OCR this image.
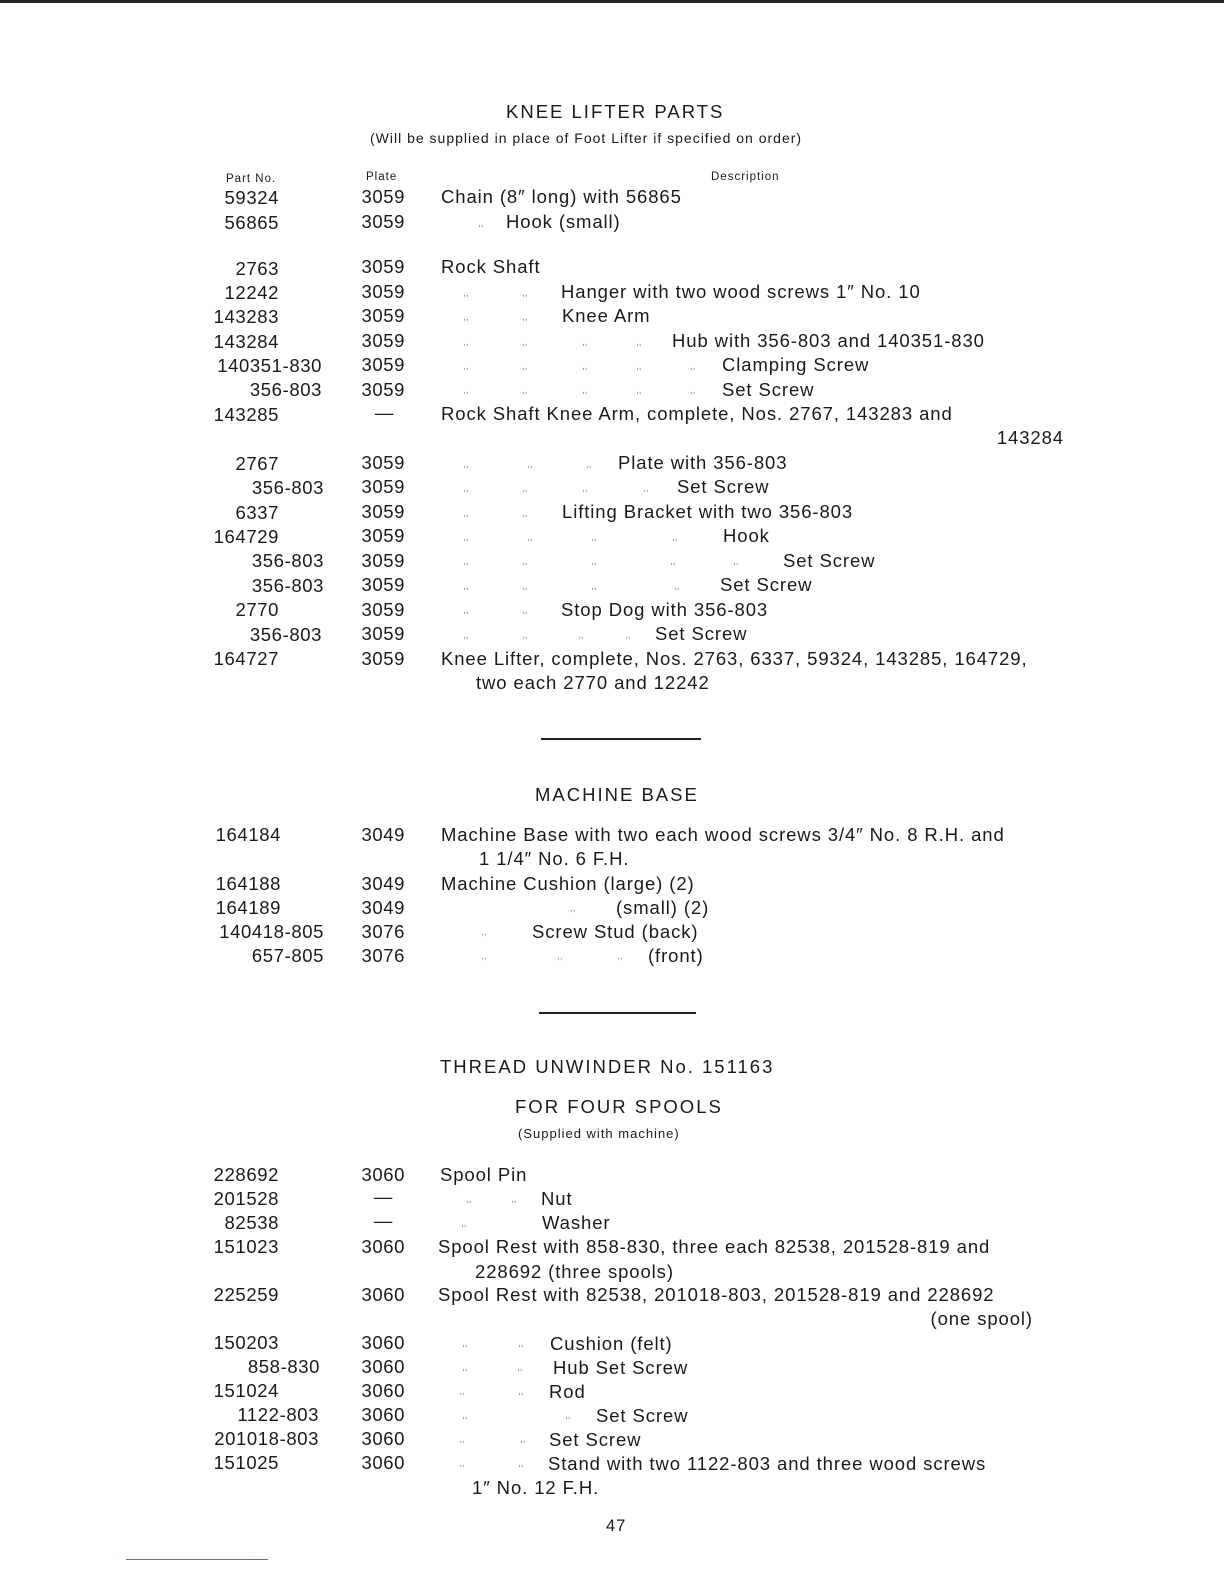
KNEE LIFTER PARTS
(Will be supplied in place of Foot Lifter if specified on order)
Part No.	Plate	Description
59324	3059 Chain (8″ long) with 56865
56865	3059	,, Hook (small)
2763	3059 Rock Shaft
12242	3059	,,	,, Hanger with two wood screws 1″ No. 10
143283	3059	,,	,, Knee Arm
143284	3059	,,	,,	,,	,, Hub with 356-803 and 140351-830
140351-830 3059	,,	,,	,,	,,	,, Clamping Screw
356-803 3059	,,	,,	,,	,,	,, Set Screw
143285	—	Rock Shaft Knee Arm, complete, Nos. 2767, 143283 and
143284
2767	3059	,,	,,	,, Plate with 356-803
356-803 3059	,,	,,	,,	,, Set Screw
6337	3059	,,	,, Lifting Bracket with two 356-803
164729	3059	,,	,,	,,	,, Hook
356-803 3059	,,	,,	,,	,,	,, Set Screw
356-803 3059	,,	,,	,,	,, Set Screw
2770	3059	,,	,, Stop Dog with 356-803
356-803 3059	,,	,,	,,	,, Set Screw
164727	3059 Knee Lifter, complete, Nos. 2763, 6337, 59324, 143285, 164729,
two each 2770 and 12242
MACHINE BASE
164184	3049 Machine Base with two each wood screws 3/4″ No. 8 R.H. and
1 1/4″ No. 6 F.H.
164188	3049 Machine Cushion (large) (2)
164189	3049	,, (small) (2)
140418-805 3076	,, Screw Stud (back)
657-805 3076	,,	,,	,, (front)
THREAD UNWINDER No. 151163
FOR FOUR SPOOLS
(Supplied with machine)
228692	3060 Spool Pin
201528	—	,,	,, Nut
82538	—	,,	Washer
151023	3060 Spool Rest with 858-830, three each 82538, 201528-819 and
228692 (three spools)
225259	3060 Spool Rest with 82538, 201018-803, 201528-819 and 228692
(one spool)
150203	3060	,,	,, Cushion (felt)
858-830 3060	,,	,, Hub Set Screw
151024	3060	,,	,, Rod
1122-803 3060	,,	,, Set Screw
201018-803 3060	,,	,, Set Screw
151025	3060	,,	,, Stand with two 1122-803 and three wood screws
1″ No. 12 F.H.
47
